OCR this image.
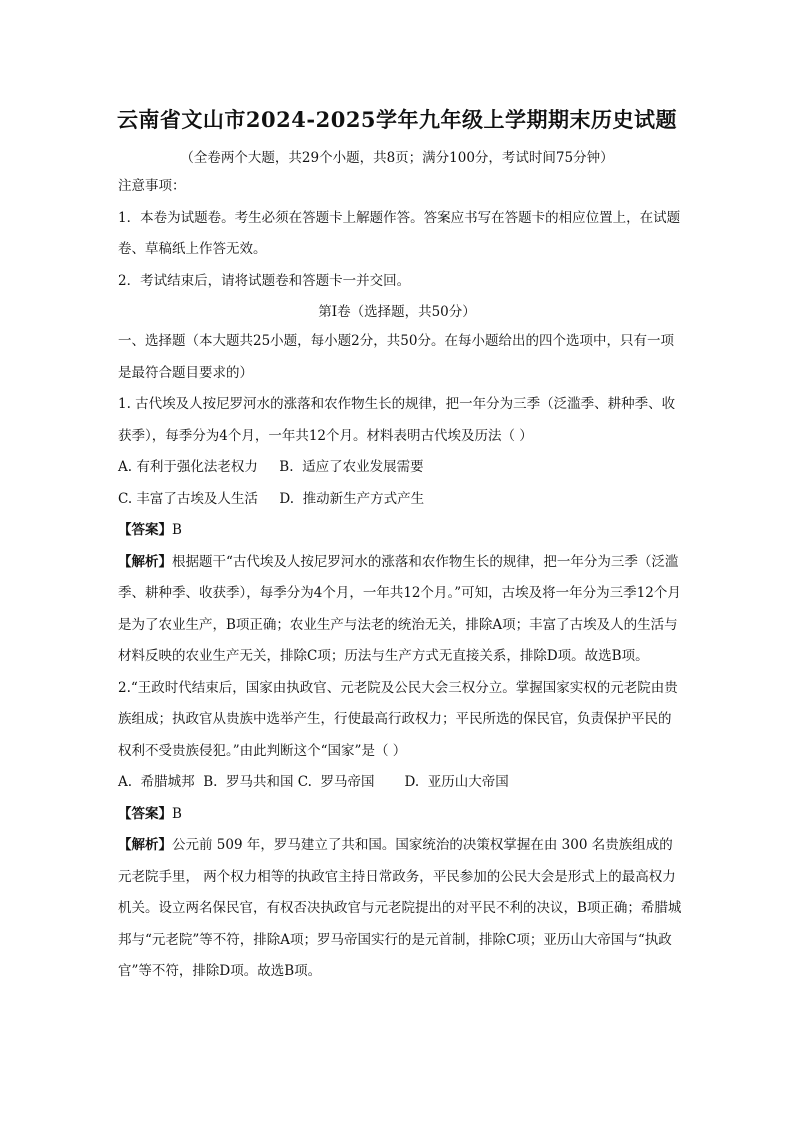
云南省文山市2024-2025学年九年级上学期期末历史试题
（全卷两个大题，共29个小题，共8页；满分100分，考试时间75分钟）

注意事项：

1．本卷为试题卷。考生必须在答题卡上解题作答。答案应书写在答题卡的相应位置上，在试题卷、草稿纸上作答无效。

2．考试结束后，请将试题卷和答题卡一并交回。

第Ⅰ卷（选择题，共50分）

一、选择题（本大题共25小题，每小题2分，共50分。在每小题给出的四个选项中，只有一项是最符合题目要求的）

1. 古代埃及人按尼罗河水的涨落和农作物生长的规律，把一年分为三季（泛滥季、耕种季、收获季），每季分为4个月，一年共12个月。材料表明古代埃及历法（ ）

A. 有利于强化法老权力     B.  适应了农业发展需要

C. 丰富了古埃及人生活     D.  推动新生产方式产生

【答案】B

【解析】根据题干“古代埃及人按尼罗河水的涨落和农作物生长的规律，把一年分为三季（泛滥季、耕种季、收获季），每季分为4个月，一年共12个月。”可知，古埃及将一年分为三季12个月是为了农业生产，B项正确；农业生产与法老的统治无关，排除A项；丰富了古埃及人的生活与材料反映的农业生产无关，排除C项；历法与生产方式无直接关系，排除D项。故选B项。

2.“王政时代结束后，国家由执政官、元老院及公民大会三权分立。掌握国家实权的元老院由贵族组成；执政官从贵族中选举产生，行使最高行政权力；平民所选的保民官，负责保护平民的权利不受贵族侵犯。”由此判断这个“国家”是（ ）

A.  希腊城邦  B.  罗马共和国 C.  罗马帝国       D.  亚历山大帝国

【答案】B

【解析】公元前 509 年，罗马建立了共和国。国家统治的决策权掌握在由 300 名贵族组成的元老院手里， 两个权力相等的执政官主持日常政务，平民参加的公民大会是形式上的最高权力机关。设立两名保民官，有权否决执政官与元老院提出的对平民不利的决议，B项正确；希腊城邦与“元老院”等不符，排除A项；罗马帝国实行的是元首制，排除C项；亚历山大帝国与“执政官”等不符，排除D项。故选B项。
